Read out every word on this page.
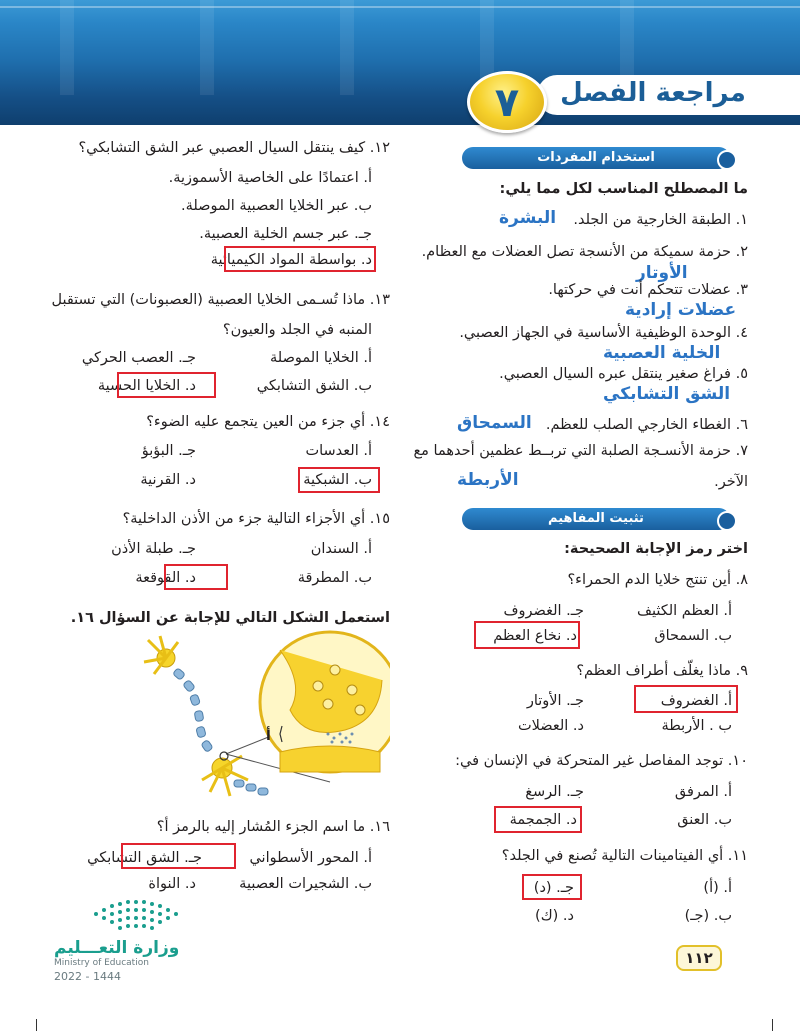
مراجعة الفصل
٧
استخدام المفردات
ما المصطلح المناسب لكل مما يلي:
١. الطبقة الخارجية من الجلد.
البشرة
٢. حزمة سميكة من الأنسجة تصل العضلات مع العظام.
الأوتار
٣. عضلات تتحكم أنت في حركتها.
عضلات إرادية
٤. الوحدة الوظيفية الأساسية في الجهاز العصبي.
الخلية العصبية
٥. فراغ صغير ينتقل عبره السيال العصبي.
الشق التشابكي
٦. الغطاء الخارجي الصلب للعظم.
السمحاق
٧. حزمة الأنسـجة الصلبة التي تربــط عظمين أحدهما مع
الآخر.
الأربطة
تثبيت المفاهيم
اختر رمز الإجابة الصحيحة:
٨. أين تنتج خلايا الدم الحمراء؟
أ. العظم الكثيف
جـ. الغضروف
ب. السمحاق
د. نخاع العظم
٩. ماذا يغلّف أطراف العظم؟
أ. الغضروف
جـ. الأوتار
ب . الأربطة
د. العضلات
١٠. توجد المفاصل غير المتحركة في الإنسان في:
أ. المرفق
جـ. الرسغ
ب. العنق
د. الجمجمة
١١. أي الفيتامينات التالية تُصنع في الجلد؟
أ. (أ)
جـ. (د)
ب. (جـ)
د. (ك)
١٢. كيف ينتقل السيال العصبي عبر الشق التشابكي؟
أ. اعتمادًا على الخاصية الأسموزية.
ب. عبر الخلايا العصبية الموصلة.
جـ. عبر جسم الخلية العصبية.
د. بواسطة المواد الكيميائية
١٣. ماذا تُسـمى الخلايا العصبية (العصبونات) التي تستقبل
المنبه في الجلد والعيون؟
أ. الخلايا الموصلة
جـ. العصب الحركي
ب. الشق التشابكي
د. الخلايا الحسية
١٤. أي جزء من العين يتجمع عليه الضوء؟
أ. العدسات
جـ. البؤبؤ
ب. الشبكية
د. القرنية
١٥. أي الأجزاء التالية جزء من الأذن الداخلية؟
أ. السندان
جـ. طبلة الأذن
ب. المطرقة
د. القوقعة
استعمل الشكل التالي للإجابة عن السؤال ١٦.
أ
١٦. ما اسم الجزء المُشار إليه بالرمز أ؟
أ. المحور الأسطواني
جـ. الشق التشابكي
ب. الشجيرات العصبية
د. النواة
وزارة التعـــليم
Ministry of Education
2022 - 1444
١١٢
